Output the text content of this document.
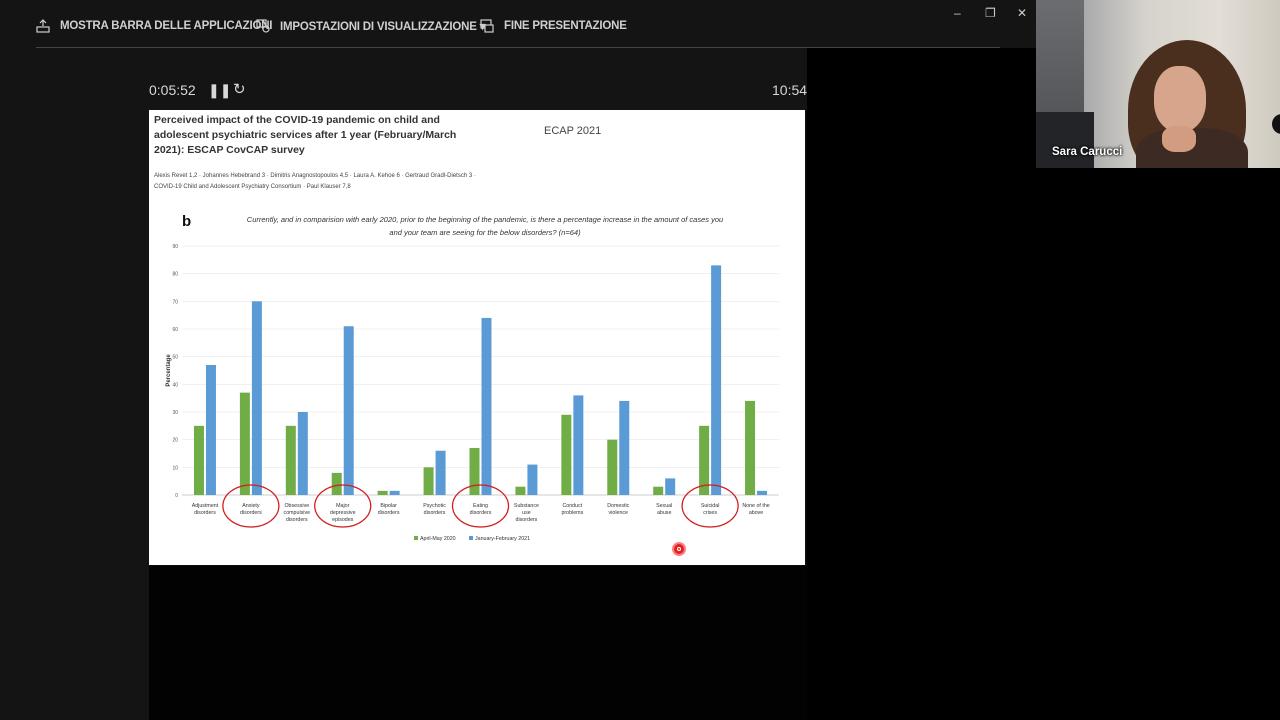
MOSTRA BARRA DELLE APPLICAZIONI IMPOSTAZIONI DI VISUALIZZAZIONE ▾ FINE PRESENTAZIONE
– ❐ ✕
0:05:52 ❚❚ ↻	10:54
Perceived impact of the COVID-19 pandemic on child and adolescent psychiatric services after 1 year (February/March 2021): ESCAP CovCAP survey
ECAP 2021
Alexis Revet 1,2 · Johannes Hebebrand 3 · Dimitris Anagnostopoulos 4,5 · Laura A. Kehoe 6 · Gertraud Gradl-Dietsch 3 · COVID-19 Child and Adolescent Psychiatry Consortium · Paul Klauser 7,8
b	Currently, and in comparision with early 2020, prior to the beginning of the pandemic, is there a percentage increase in the amount of cases you and your team are seeing for the below disorders? (n=64)
0
10
20
30
40
50
60
70
80
90
Percentage
Adjustment disorders
Anxiety disorders
Obsessive compulsive disorders
Major depressive episodes
Bipolar disorders
Psychotic disorders
Eating disorders
Substance use disorders
Conduct problems
Domestic violence
Sexual abuse
Suicidal crises
None of the above
April-May 2020	January-February 2021
Sara Carucci
